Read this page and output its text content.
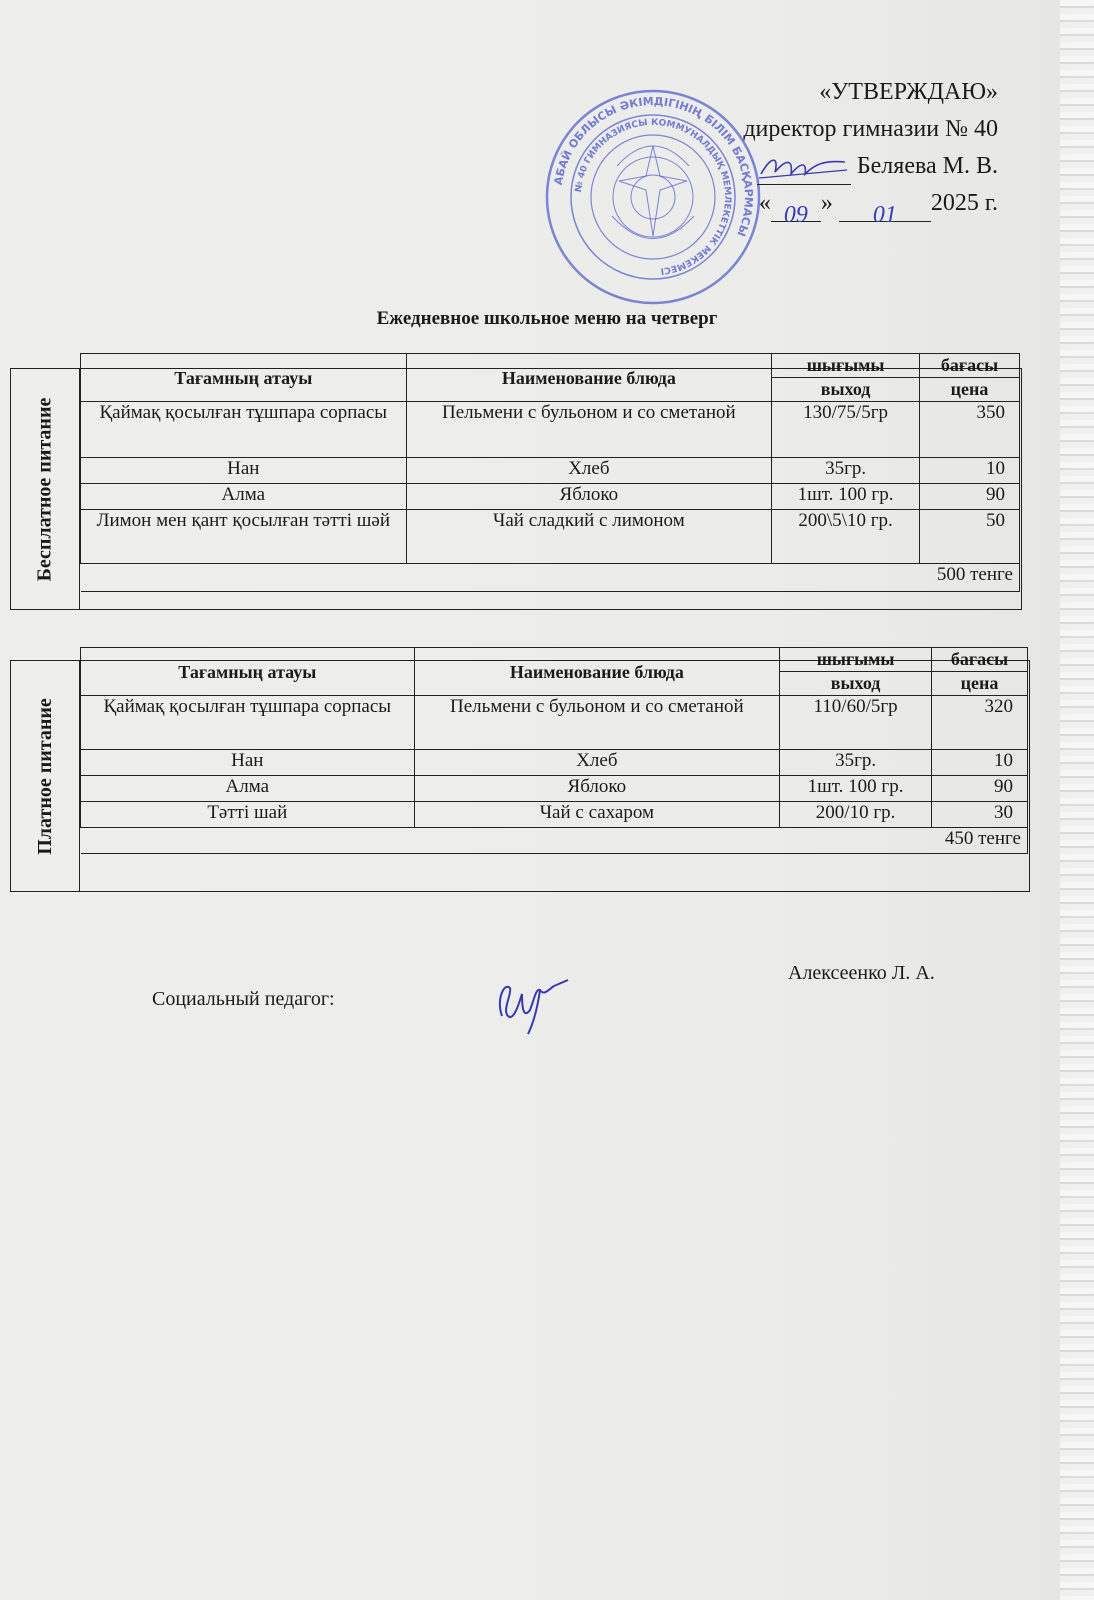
АБАЙ ОБЛЫСЫ ӘКІМДІГІНІҢ БІЛІМ БАСҚАРМАСЫ
№ 40 ГИМНАЗИЯСЫ КОММУНАЛДЫҚ МЕМЛЕКЕТТІК МЕКЕМЕСІ
«УТВЕРЖДАЮ»
директор гимназии № 40
Беляева М. В.
« 09 » 01 2025 г.
Ежедневное школьное меню на четверг
Бесплатное питание
Тағамның атауы	Наименование блюда	шығымы	бағасы
		выход	цена
Қаймақ қосылған тұшпара сорпасы	Пельмени с бульоном и со сметаной	130/75/5гр	350
Нан	Хлеб	35гр.	10
Алма	Яблоко	1шт. 100 гр.	90
Лимон мен қант қосылған тәтті шәй	Чай сладкий с лимоном	200\5\10 гр.	50
500 тенге			
Платное питание
Тағамның атауы	Наименование блюда	шығымы	бағасы
		выход	цена
Қаймақ қосылған тұшпара сорпасы	Пельмени с бульоном и со сметаной	110/60/5гр	320
Нан	Хлеб	35гр.	10
Алма	Яблоко	1шт. 100 гр.	90
Тәтті шай	Чай с сахаром	200/10 гр.	30
450 тенге			
Социальный педагог:
Алексеенко Л. А.
